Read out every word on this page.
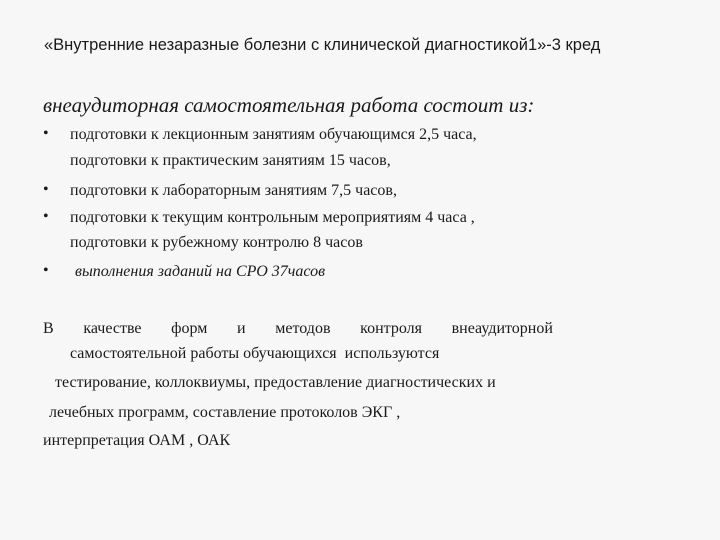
«Внутренние незаразные болезни с клинической диагностикой1»-3 кред
внеаудиторная самостоятельная работа состоит из:
• подготовки к лекционным занятиям обучающимся 2,5 часа,
подготовки к практическим занятиям 15 часов,
• подготовки к лабораторным занятиям 7,5 часов,
• подготовки к текущим контрольным мероприятиям 4 часа ,
подготовки к рубежному контролю 8 часов
• выполнения заданий на СРО 37часов
В качестве форм и методов контроля внеаудиторной
самостоятельной работы обучающихся  используются
тестирование, коллоквиумы, предоставление диагностических и
лечебных программ, составление протоколов ЭКГ ,
интерпретация ОАМ , ОАК
